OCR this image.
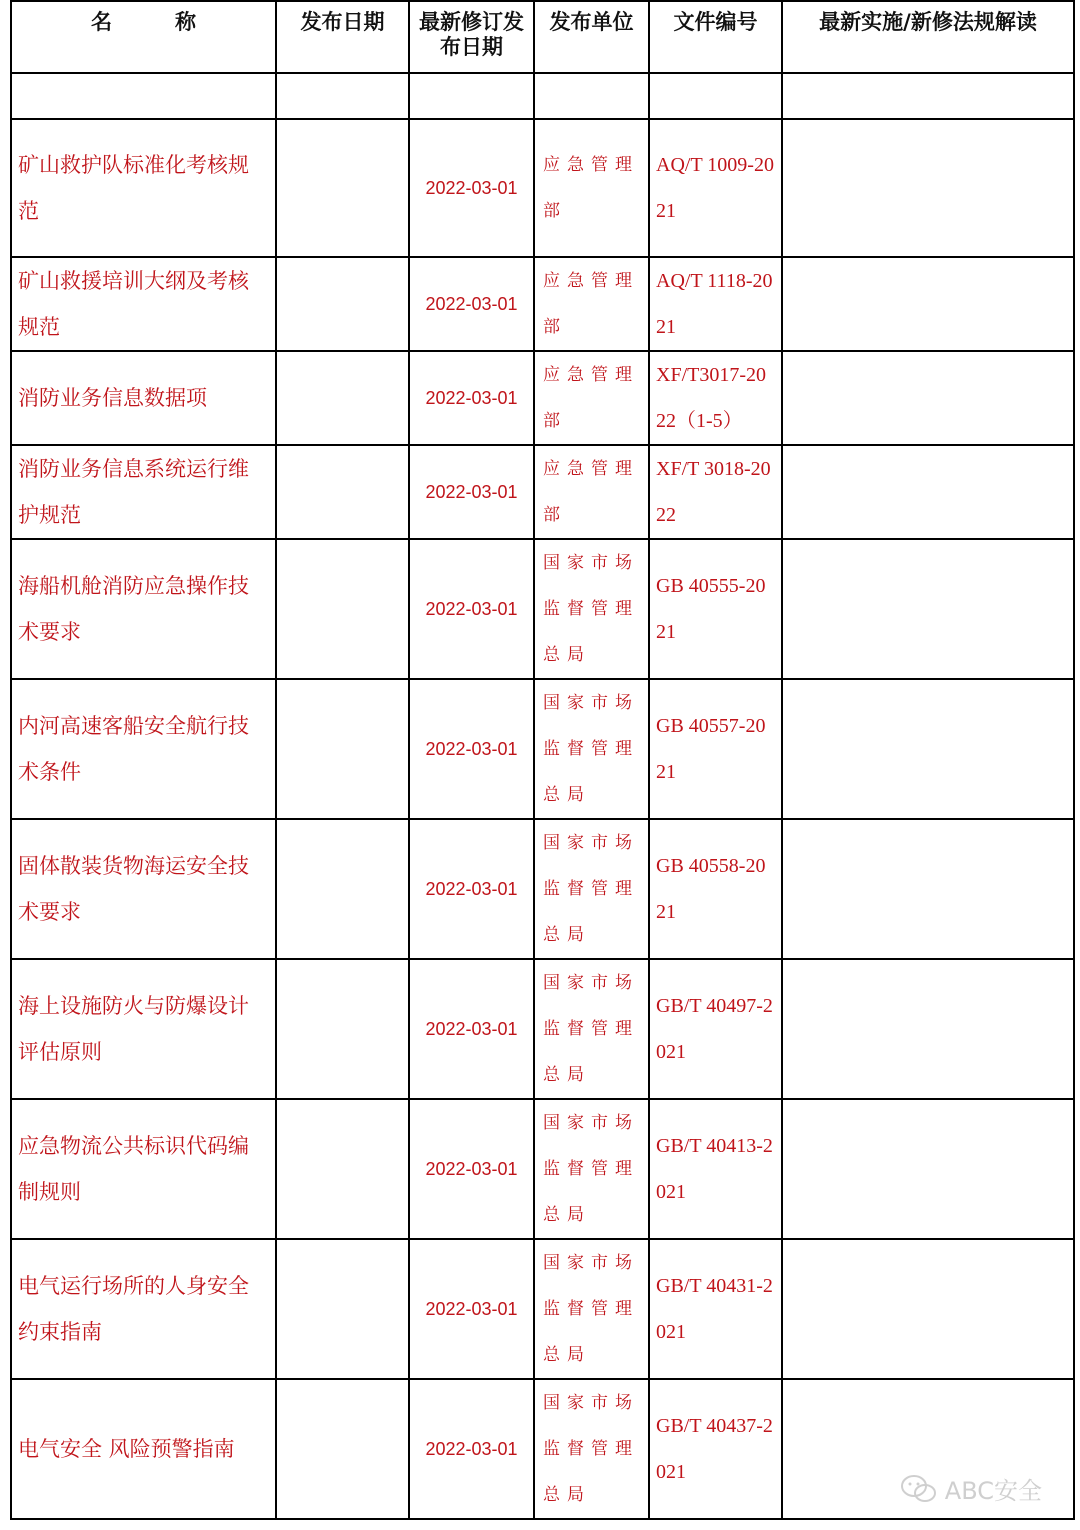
名　　　称	发布日期	最新修订发布日期	发布单位	文件编号	最新实施/新修法规解读

矿山救护队标准化考核规范		2022-03-01	应急管理部	AQ/T 1009-2021	
矿山救援培训大纲及考核规范		2022-03-01	应急管理部	AQ/T 1118-2021	
消防业务信息数据项		2022-03-01	应急管理部	XF/T3017-2022（1-5）	
消防业务信息系统运行维护规范		2022-03-01	应急管理部	XF/T 3018-2022	
海船机舱消防应急操作技术要求		2022-03-01	国家市场监督管理总局	GB 40555-2021	
内河高速客船安全航行技术条件		2022-03-01	国家市场监督管理总局	GB 40557-2021	
固体散装货物海运安全技术要求		2022-03-01	国家市场监督管理总局	GB 40558-2021	
海上设施防火与防爆设计评估原则		2022-03-01	国家市场监督管理总局	GB/T 40497-2021	
应急物流公共标识代码编制规则		2022-03-01	国家市场监督管理总局	GB/T 40413-2021	
电气运行场所的人身安全约束指南		2022-03-01	国家市场监督管理总局	GB/T 40431-2021	
电气安全 风险预警指南		2022-03-01	国家市场监督管理总局	GB/T 40437-2021	
ABC安全
